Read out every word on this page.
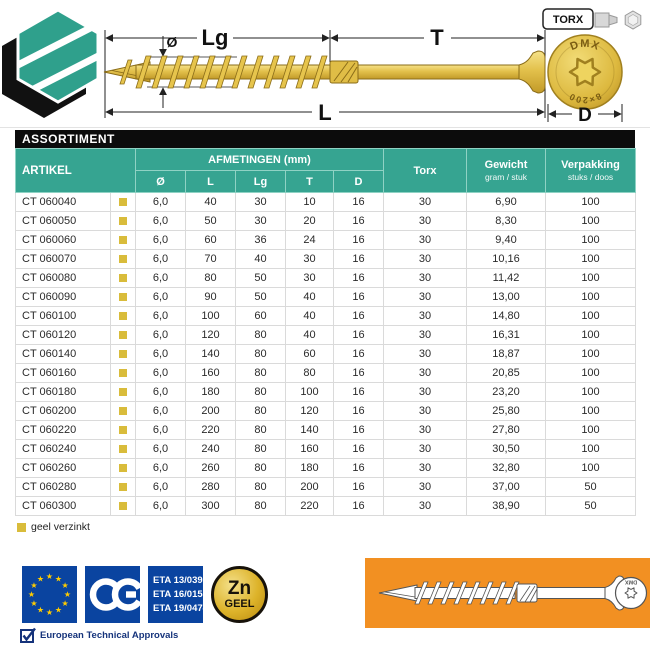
Lg	T
L
Ø	DMX
8×200
D
TORX
ASSORTIMENT
ARTIKEL		AFMETINGEN (mm)					Torx	Gewicht
gram / stuk	Verpakking
stuks / doos

		Ø	L	Lg	T	D			
CT 060040		6,0	40	30	10	16	30	6,90	100
CT 060050		6,0	50	30	20	16	30	8,30	100
CT 060060		6,0	60	36	24	16	30	9,40	100
CT 060070		6,0	70	40	30	16	30	10,16	100
CT 060080		6,0	80	50	30	16	30	11,42	100
CT 060090		6,0	90	50	40	16	30	13,00	100
CT 060100		6,0	100	60	40	16	30	14,80	100
CT 060120		6,0	120	80	40	16	30	16,31	100
CT 060140		6,0	140	80	60	16	30	18,87	100
CT 060160		6,0	160	80	80	16	30	20,85	100
CT 060180		6,0	180	80	100	16	30	23,20	100
CT 060200		6,0	200	80	120	16	30	25,80	100
CT 060220		6,0	220	80	140	16	30	27,80	100
CT 060240		6,0	240	80	160	16	30	30,50	100
CT 060260		6,0	260	80	180	16	30	32,80	100
CT 060280		6,0	280	80	200	16	30	37,00	50
CT 060300		6,0	300	80	220	16	30	38,90	50
geel verzinkt
★ ★
★
★
★
★
★
★
★
★
★
★	ETA 13/0393
ETA 16/0156
ETA 19/0474
Zn
GEEL
European Technical Approvals
DMX
